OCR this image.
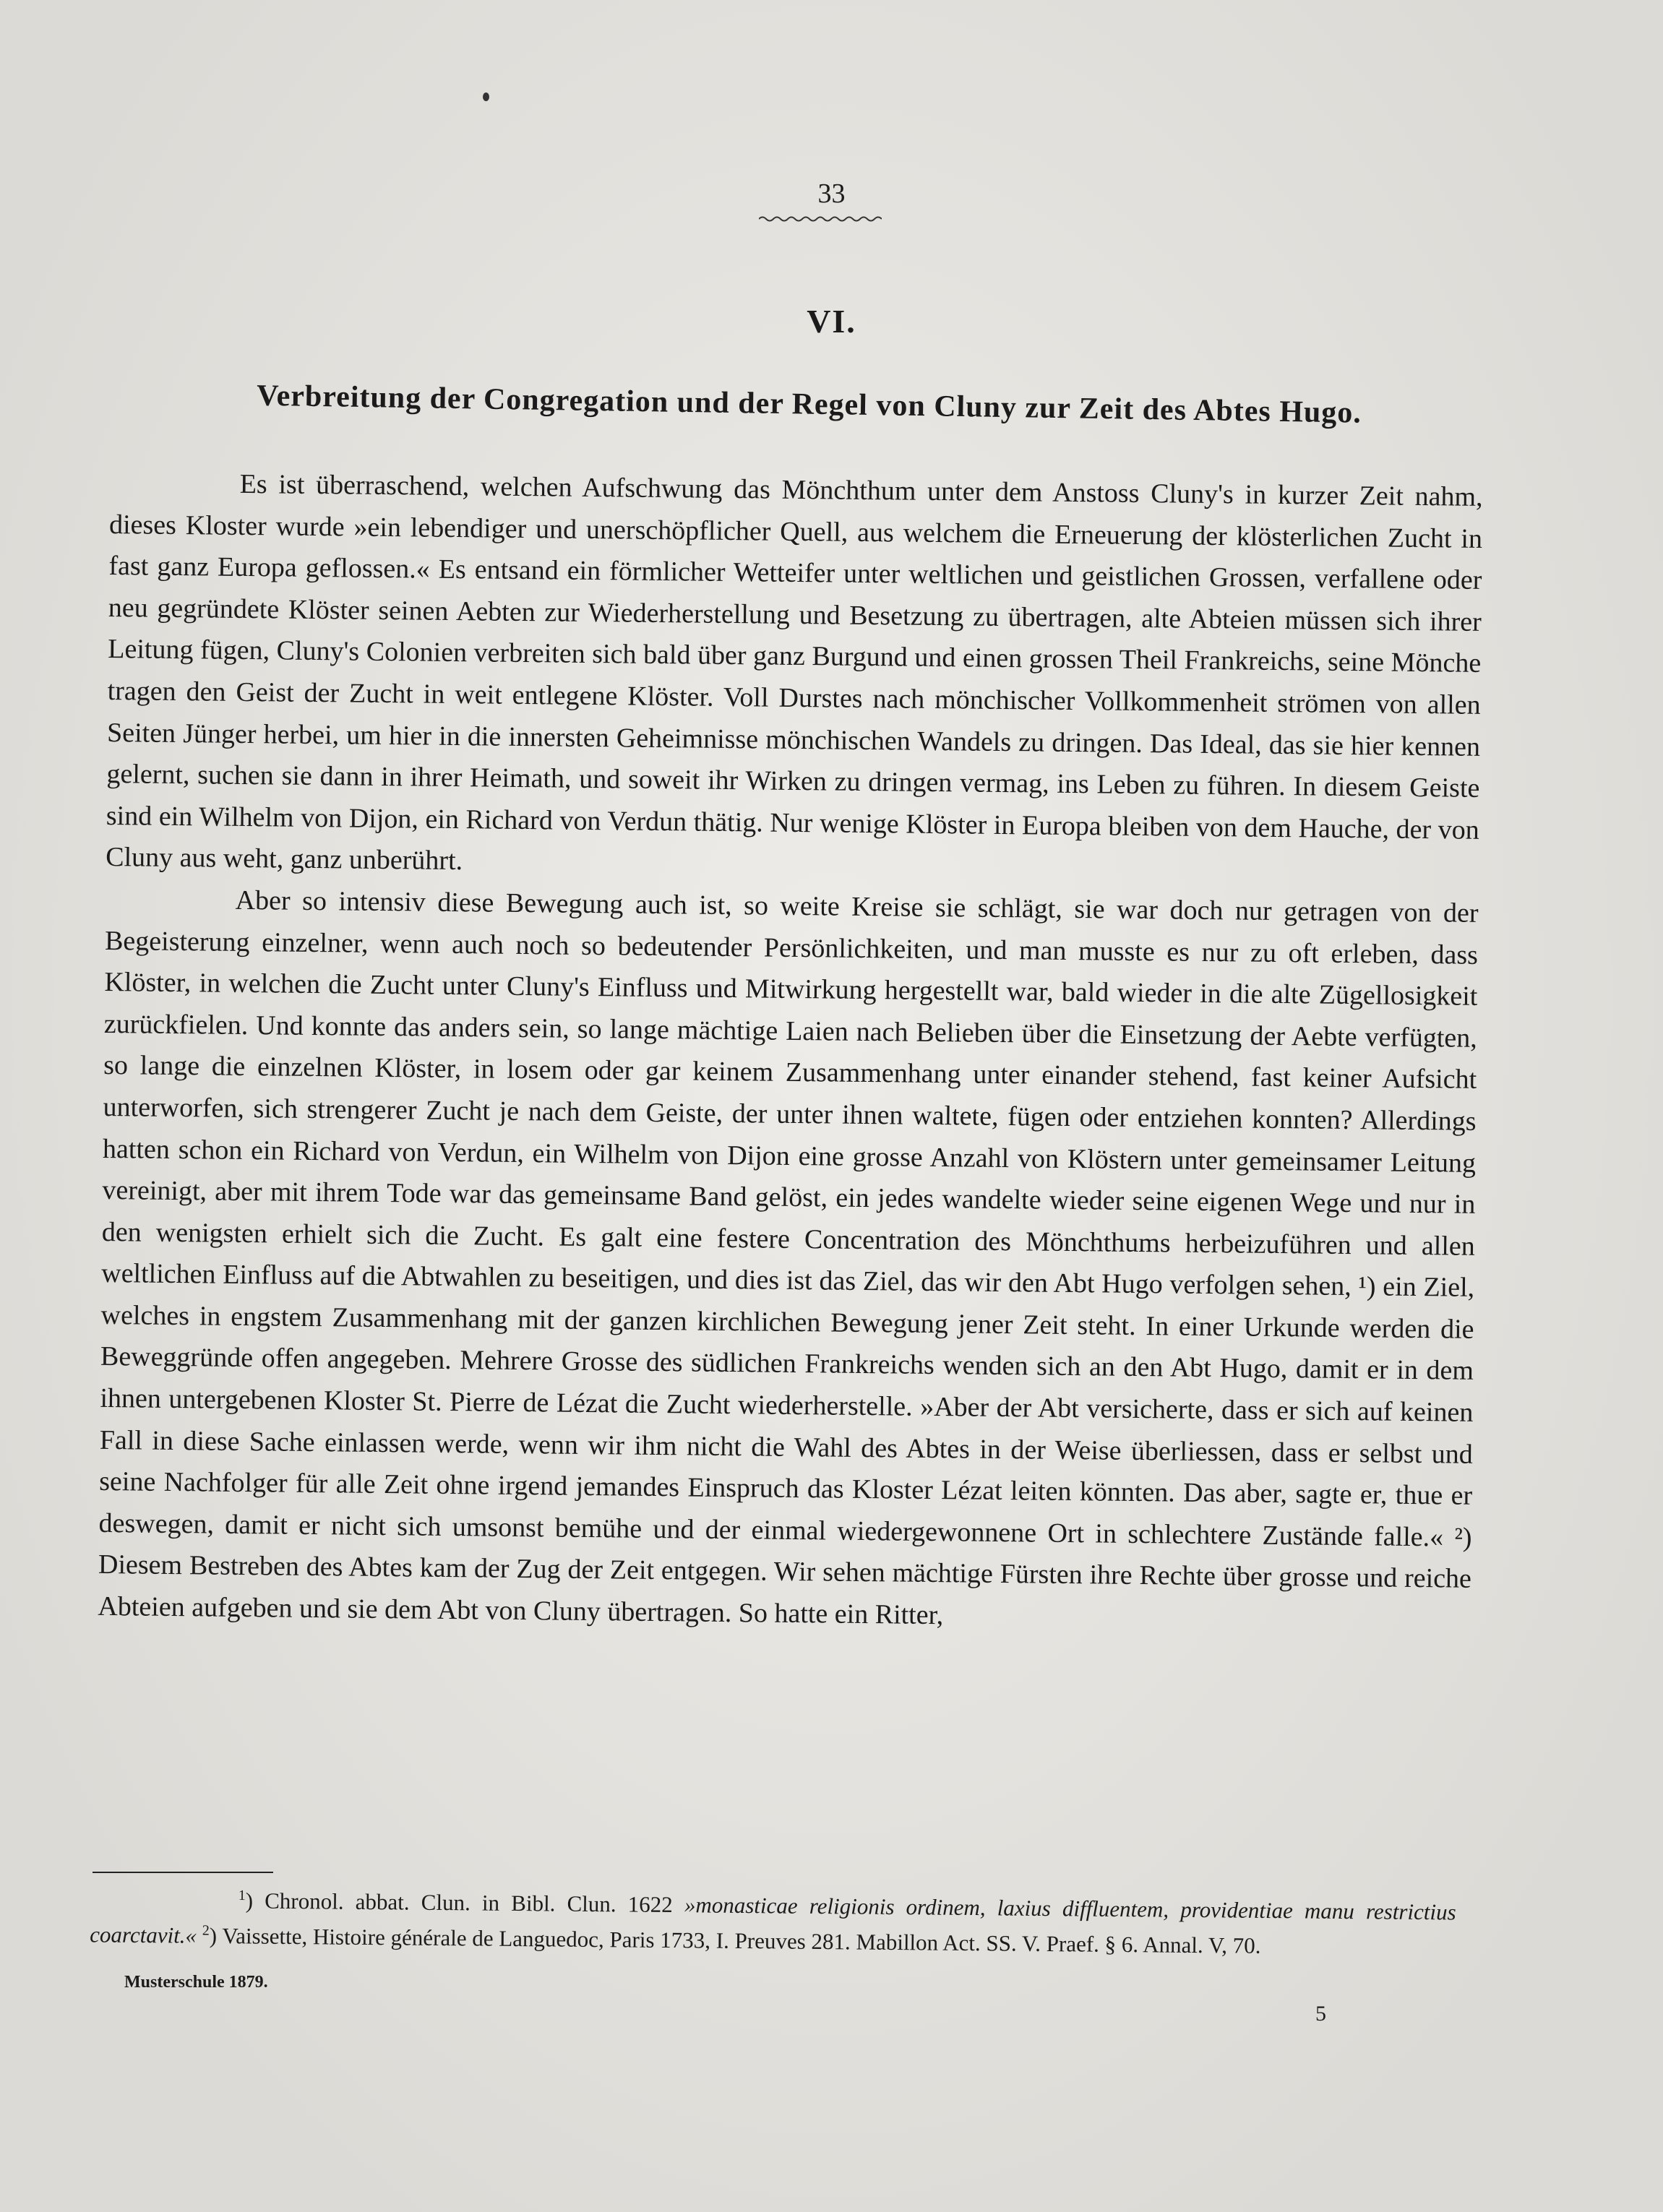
33
VI.
Verbreitung der Congregation und der Regel von Cluny zur Zeit des Abtes Hugo.

Es ist überraschend, welchen Aufschwung das Mönchthum unter dem Anstoss Cluny's in kurzer Zeit nahm, dieses Kloster wurde »ein lebendiger und unerschöpflicher Quell, aus welchem die Erneuerung der klösterlichen Zucht in fast ganz Europa geflossen.« Es entsand ein förmlicher Wetteifer unter weltlichen und geistlichen Grossen, verfallene oder neu gegründete Klöster seinen Aebten zur Wiederherstellung und Besetzung zu übertragen, alte Abteien müssen sich ihrer Leitung fügen, Cluny's Colonien verbreiten sich bald über ganz Burgund und einen grossen Theil Frankreichs, seine Mönche tragen den Geist der Zucht in weit entlegene Klöster. Voll Durstes nach mönchischer Vollkommenheit strömen von allen Seiten Jünger herbei, um hier in die innersten Geheimnisse mönchischen Wandels zu dringen. Das Ideal, das sie hier kennen gelernt, suchen sie dann in ihrer Heimath, und soweit ihr Wirken zu dringen vermag, ins Leben zu führen. In diesem Geiste sind ein Wilhelm von Dijon, ein Richard von Verdun thätig. Nur wenige Klöster in Europa bleiben von dem Hauche, der von Cluny aus weht, ganz unberührt.

Aber so intensiv diese Bewegung auch ist, so weite Kreise sie schlägt, sie war doch nur getragen von der Begeisterung einzelner, wenn auch noch so bedeutender Persönlichkeiten, und man musste es nur zu oft erleben, dass Klöster, in welchen die Zucht unter Cluny's Einfluss und Mitwirkung hergestellt war, bald wieder in die alte Zügellosigkeit zurückfielen. Und konnte das anders sein, so lange mächtige Laien nach Belieben über die Einsetzung der Aebte verfügten, so lange die einzelnen Klöster, in losem oder gar keinem Zusammenhang unter einander stehend, fast keiner Aufsicht unterworfen, sich strengerer Zucht je nach dem Geiste, der unter ihnen waltete, fügen oder entziehen konnten? Allerdings hatten schon ein Richard von Verdun, ein Wilhelm von Dijon eine grosse Anzahl von Klöstern unter gemeinsamer Leitung vereinigt, aber mit ihrem Tode war das gemeinsame Band gelöst, ein jedes wandelte wieder seine eigenen Wege und nur in den wenigsten erhielt sich die Zucht. Es galt eine festere Concentration des Mönchthums herbeizuführen und allen weltlichen Einfluss auf die Abtwahlen zu beseitigen, und dies ist das Ziel, das wir den Abt Hugo verfolgen sehen, ¹) ein Ziel, welches in engstem Zusammenhang mit der ganzen kirchlichen Bewegung jener Zeit steht. In einer Urkunde werden die Beweggründe offen angegeben. Mehrere Grosse des südlichen Frankreichs wenden sich an den Abt Hugo, damit er in dem ihnen untergebenen Kloster St. Pierre de Lézat die Zucht wiederherstelle. »Aber der Abt versicherte, dass er sich auf keinen Fall in diese Sache einlassen werde, wenn wir ihm nicht die Wahl des Abtes in der Weise überliessen, dass er selbst und seine Nachfolger für alle Zeit ohne irgend jemandes Einspruch das Kloster Lézat leiten könnten. Das aber, sagte er, thue er deswegen, damit er nicht sich umsonst bemühe und der einmal wiedergewonnene Ort in schlechtere Zustände falle.« ²) Diesem Bestreben des Abtes kam der Zug der Zeit entgegen. Wir sehen mächtige Fürsten ihre Rechte über grosse und reiche Abteien aufgeben und sie dem Abt von Cluny übertragen. So hatte ein Ritter,

$^1$) Chronol. abbat. Clun. in Bibl. Clun. 1622 »monasticae religionis ordinem, laxius diffluentem, providentiae manu restrictius coarctavit.« $^2$) Vaissette, Histoire générale de Languedoc, Paris 1733, I. Preuves 281. Mabillon Act. SS. V. Praef. § 6. Annal. V, 70.

Musterschule 1879.
5
